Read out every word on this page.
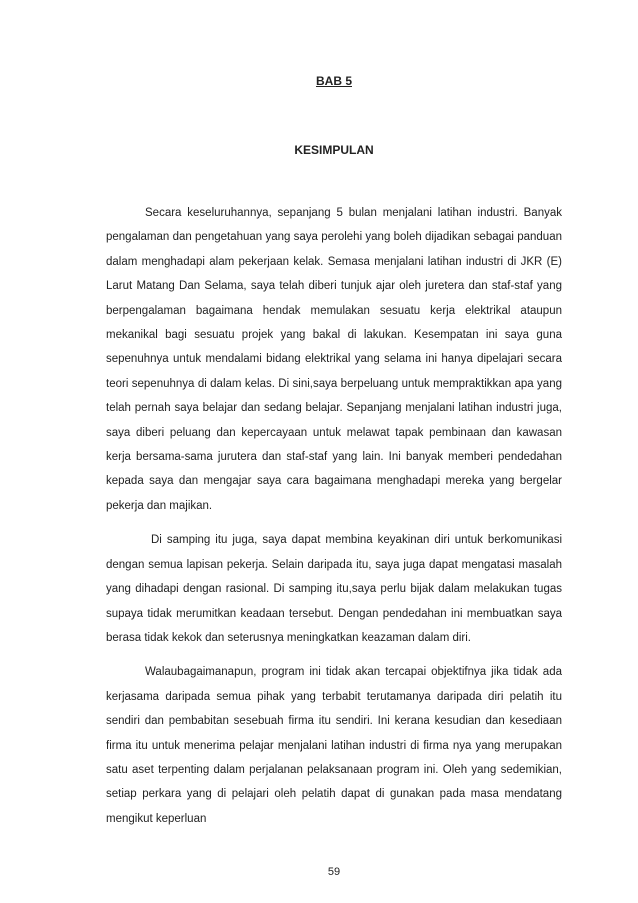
BAB 5
KESIMPULAN

Secara keseluruhannya, sepanjang 5 bulan menjalani latihan industri. Banyak pengalaman dan pengetahuan yang saya perolehi yang boleh dijadikan sebagai panduan dalam menghadapi alam pekerjaan kelak. Semasa menjalani latihan industri di JKR (E) Larut Matang Dan Selama, saya telah diberi tunjuk ajar oleh juretera dan staf-staf yang berpengalaman bagaimana hendak memulakan sesuatu kerja elektrikal ataupun mekanikal bagi sesuatu projek yang bakal di lakukan. Kesempatan ini saya guna sepenuhnya untuk mendalami bidang elektrikal yang selama ini hanya dipelajari secara teori sepenuhnya di dalam kelas. Di sini,saya berpeluang untuk mempraktikkan apa yang telah pernah saya belajar dan sedang belajar. Sepanjang menjalani latihan industri juga, saya diberi peluang dan kepercayaan untuk melawat tapak pembinaan dan kawasan kerja bersama-sama jurutera dan staf-staf yang lain. Ini banyak memberi pendedahan kepada saya dan mengajar saya cara bagaimana menghadapi mereka yang bergelar pekerja dan majikan.

Di samping itu juga, saya dapat membina keyakinan diri untuk berkomunikasi dengan semua lapisan pekerja. Selain daripada itu, saya juga dapat mengatasi masalah yang dihadapi dengan rasional. Di samping itu,saya perlu bijak dalam melakukan tugas supaya tidak merumitkan keadaan tersebut. Dengan pendedahan ini membuatkan saya berasa tidak kekok dan seterusnya meningkatkan keazaman dalam diri.

Walaubagaimanapun, program ini tidak akan tercapai objektifnya jika tidak ada kerjasama daripada semua pihak yang terbabit terutamanya daripada diri pelatih itu sendiri dan pembabitan sesebuah firma itu sendiri. Ini kerana kesudian dan kesediaan firma itu untuk menerima pelajar menjalani latihan industri di firma nya yang merupakan satu aset terpenting dalam perjalanan pelaksanaan program ini. Oleh yang sedemikian, setiap perkara yang di pelajari oleh pelatih dapat di gunakan pada masa mendatang mengikut keperluan

59
